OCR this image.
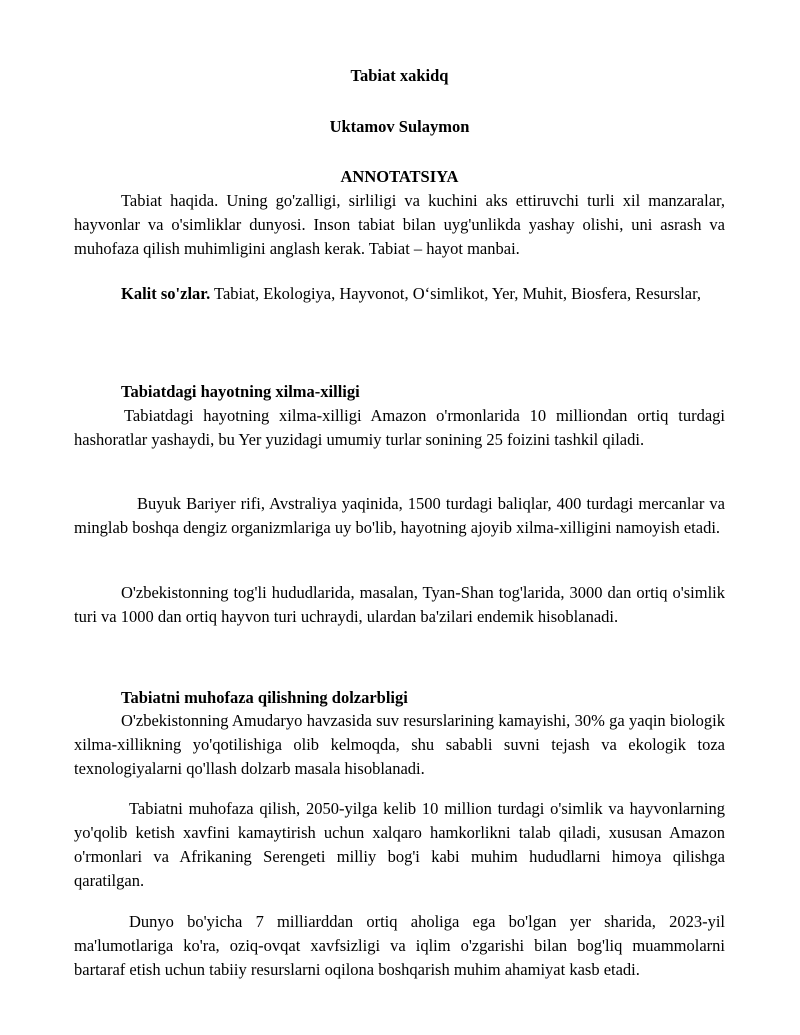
Tabiat xakidq
Uktamov Sulaymon
ANNOTATSIYA
Tabiat haqida. Uning go'zalligi, sirliligi va kuchini aks ettiruvchi turli xil manzaralar, hayvonlar va o'simliklar dunyosi. Inson tabiat bilan uyg'unlikda yashay olishi, uni asrash va muhofaza qilish muhimligini anglash kerak. Tabiat – hayot manbai.
Kalit so'zlar. Tabiat, Ekologiya, Hayvonot, O‘simlikot, Yer, Muhit, Biosfera, Resurslar,
Tabiatdagi hayotning xilma-xilligi
Tabiatdagi hayotning xilma-xilligi Amazon o'rmonlarida 10 milliondan ortiq turdagi hashoratlar yashaydi, bu Yer yuzidagi umumiy turlar sonining 25 foizini tashkil qiladi.
Buyuk Bariyer rifi, Avstraliya yaqinida, 1500 turdagi baliqlar, 400 turdagi mercanlar va minglab boshqa dengiz organizmlariga uy bo'lib, hayotning ajoyib xilma-xilligini namoyish etadi.
O'zbekistonning tog'li hududlarida, masalan, Tyan-Shan tog'larida, 3000 dan ortiq o'simlik turi va 1000 dan ortiq hayvon turi uchraydi, ulardan ba'zilari endemik hisoblanadi.
Tabiatni muhofaza qilishning dolzarbligi
O'zbekistonning Amudaryo havzasida suv resurslarining kamayishi, 30% ga yaqin biologik xilma-xillikning yo'qotilishiga olib kelmoqda, shu sababli suvni tejash va ekologik toza texnologiyalarni qo'llash dolzarb masala hisoblanadi.
Tabiatni muhofaza qilish, 2050-yilga kelib 10 million turdagi o'simlik va hayvonlarning yo'qolib ketish xavfini kamaytirish uchun xalqaro hamkorlikni talab qiladi, xususan Amazon o'rmonlari va Afrikaning Serengeti milliy bog'i kabi muhim hududlarni himoya qilishga qaratilgan.
Dunyo bo'yicha 7 milliarddan ortiq aholiga ega bo'lgan yer sharida, 2023-yil ma'lumotlariga ko'ra, oziq-ovqat xavfsizligi va iqlim o'zgarishi bilan bog'liq muammolarni bartaraf etish uchun tabiiy resurslarni oqilona boshqarish muhim ahamiyat kasb etadi.
